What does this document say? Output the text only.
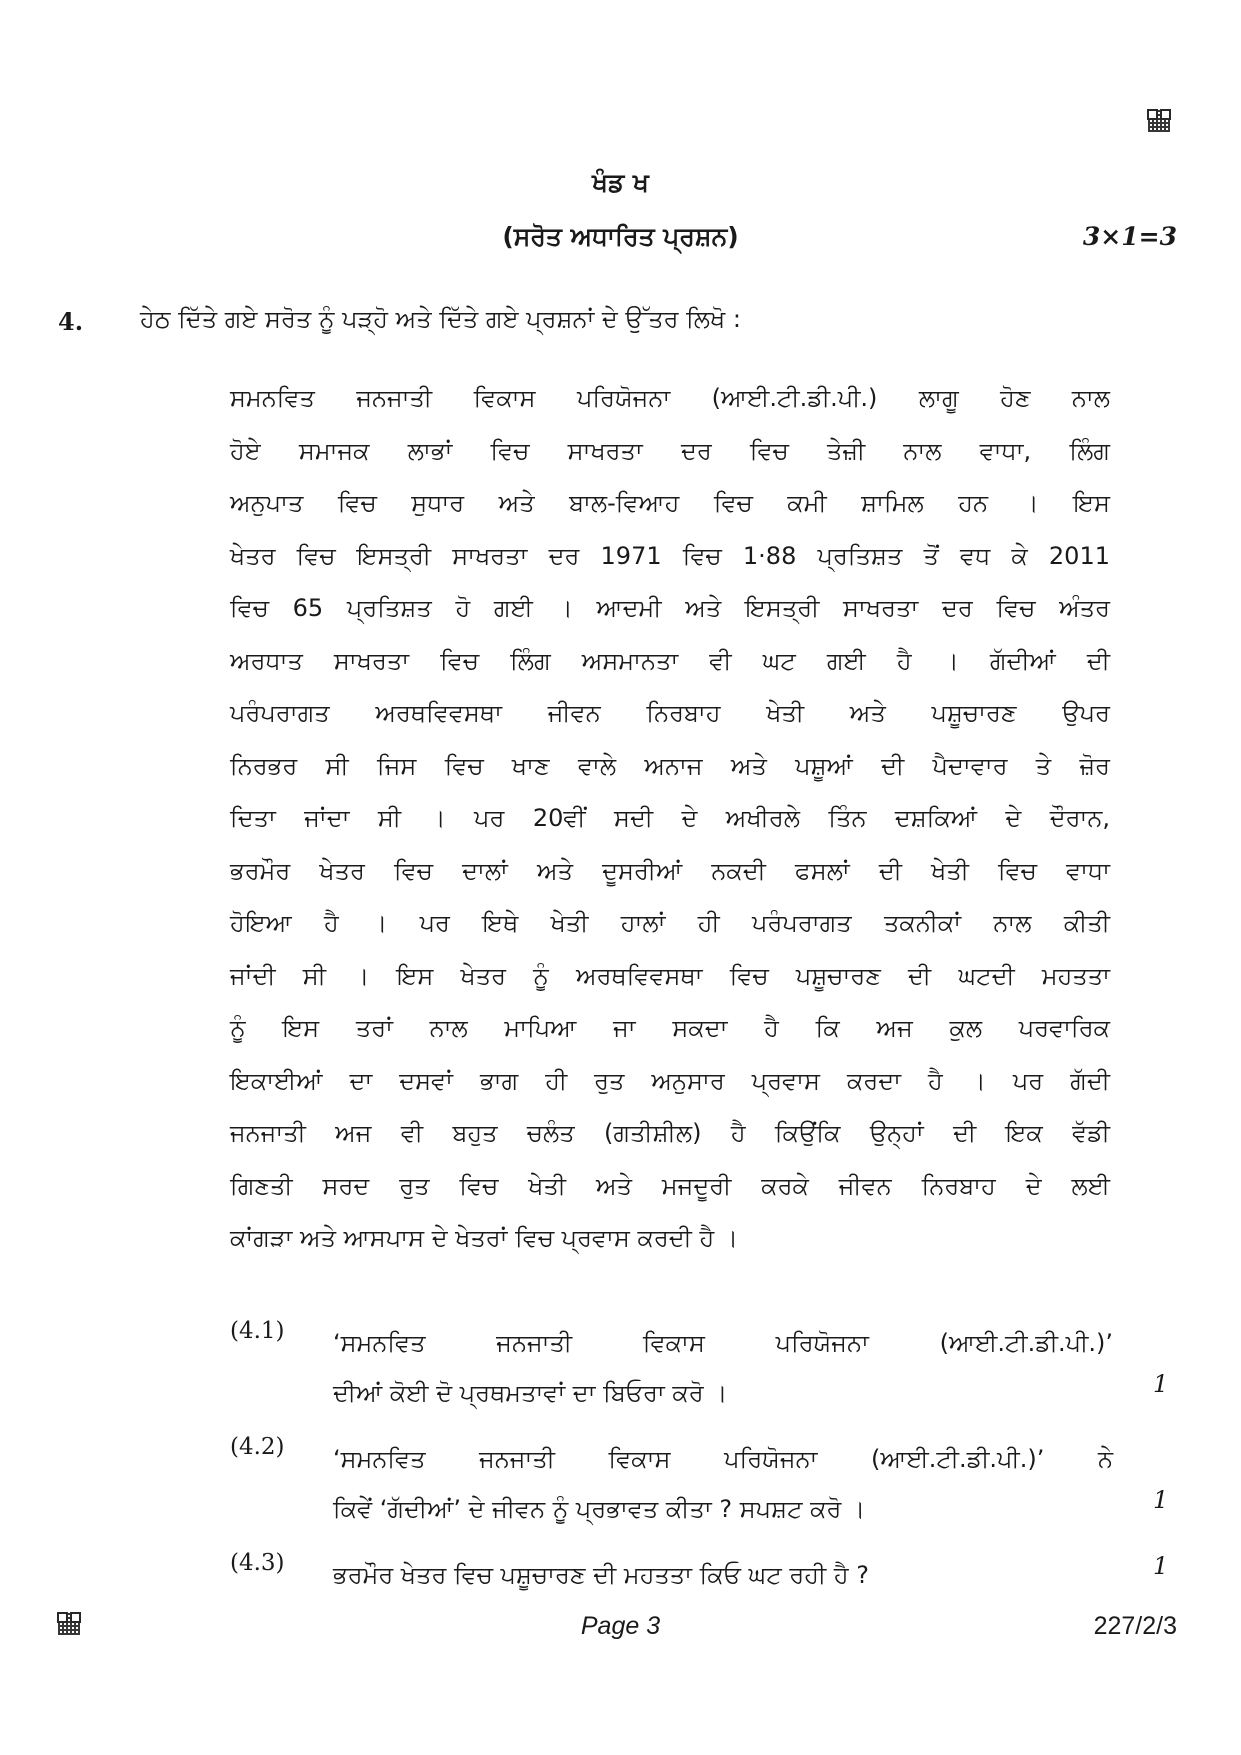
ਖੰਡ ਖ
(ਸਰੋਤ ਅਧਾਰਿਤ ਪ੍ਰਸ਼ਨ)	3×1=3
4. ਹੇਠ ਦਿੱਤੇ ਗਏ ਸਰੋਤ ਨੂੰ ਪੜ੍ਹੋ ਅਤੇ ਦਿੱਤੇ ਗਏ ਪ੍ਰਸ਼ਨਾਂ ਦੇ ਉੱਤਰ ਲਿਖੋ :
ਸਮਨਵਿਤ ਜਨਜਾਤੀ ਵਿਕਾਸ ਪਰਿਯੋਜਨਾ (ਆਈ.ਟੀ.ਡੀ.ਪੀ.) ਲਾਗੂ ਹੋਣ ਨਾਲ
ਹੋਏ ਸਮਾਜਕ ਲਾਭਾਂ ਵਿਚ ਸਾਖਰਤਾ ਦਰ ਵਿਚ ਤੇਜ਼ੀ ਨਾਲ ਵਾਧਾ, ਲਿੰਗ
ਅਨੁਪਾਤ ਵਿਚ ਸੁਧਾਰ ਅਤੇ ਬਾਲ-ਵਿਆਹ ਵਿਚ ਕਮੀ ਸ਼ਾਮਿਲ ਹਨ । ਇਸ
ਖੇਤਰ ਵਿਚ ਇਸਤ੍ਰੀ ਸਾਖਰਤਾ ਦਰ 1971 ਵਿਚ 1·88 ਪ੍ਰਤਿਸ਼ਤ ਤੋਂ ਵਧ ਕੇ 2011
ਵਿਚ 65 ਪ੍ਰਤਿਸ਼ਤ ਹੋ ਗਈ । ਆਦਮੀ ਅਤੇ ਇਸਤ੍ਰੀ ਸਾਖਰਤਾ ਦਰ ਵਿਚ ਅੰਤਰ
ਅਰਧਾਤ ਸਾਖਰਤਾ ਵਿਚ ਲਿੰਗ ਅਸਮਾਨਤਾ ਵੀ ਘਟ ਗਈ ਹੈ । ਗੱਦੀਆਂ ਦੀ
ਪਰੰਪਰਾਗਤ ਅਰਥਵਿਵਸਥਾ ਜੀਵਨ ਨਿਰਬਾਹ ਖੇਤੀ ਅਤੇ ਪਸ਼ੂਚਾਰਣ ਉਪਰ
ਨਿਰਭਰ ਸੀ ਜਿਸ ਵਿਚ ਖਾਣ ਵਾਲੇ ਅਨਾਜ ਅਤੇ ਪਸ਼ੂਆਂ ਦੀ ਪੈਦਾਵਾਰ ਤੇ ਜ਼ੋਰ
ਦਿਤਾ ਜਾਂਦਾ ਸੀ । ਪਰ 20ਵੀਂ ਸਦੀ ਦੇ ਅਖੀਰਲੇ ਤਿੰਨ ਦਸ਼ਕਿਆਂ ਦੇ ਦੌਰਾਨ,
ਭਰਮੌਰ ਖੇਤਰ ਵਿਚ ਦਾਲਾਂ ਅਤੇ ਦੂਸਰੀਆਂ ਨਕਦੀ ਫਸਲਾਂ ਦੀ ਖੇਤੀ ਵਿਚ ਵਾਧਾ
ਹੋਇਆ ਹੈ । ਪਰ ਇਥੇ ਖੇਤੀ ਹਾਲਾਂ ਹੀ ਪਰੰਪਰਾਗਤ ਤਕਨੀਕਾਂ ਨਾਲ ਕੀਤੀ
ਜਾਂਦੀ ਸੀ । ਇਸ ਖੇਤਰ ਨੂੰ ਅਰਥਵਿਵਸਥਾ ਵਿਚ ਪਸ਼ੂਚਾਰਣ ਦੀ ਘਟਦੀ ਮਹਤਤਾ
ਨੂੰ ਇਸ ਤਰਾਂ ਨਾਲ ਮਾਪਿਆ ਜਾ ਸਕਦਾ ਹੈ ਕਿ ਅਜ ਕੁਲ ਪਰਵਾਰਿਕ
ਇਕਾਈਆਂ ਦਾ ਦਸਵਾਂ ਭਾਗ ਹੀ ਰੁਤ ਅਨੁਸਾਰ ਪ੍ਰਵਾਸ ਕਰਦਾ ਹੈ । ਪਰ ਗੱਦੀ
ਜਨਜਾਤੀ ਅਜ ਵੀ ਬਹੁਤ ਚਲੰਤ (ਗਤੀਸ਼ੀਲ) ਹੈ ਕਿਉਂਕਿ ਉਨ੍ਹਾਂ ਦੀ ਇਕ ਵੱਡੀ
ਗਿਣਤੀ ਸਰਦ ਰੁਤ ਵਿਚ ਖੇਤੀ ਅਤੇ ਮਜਦੂਰੀ ਕਰਕੇ ਜੀਵਨ ਨਿਰਬਾਹ ਦੇ ਲਈ
ਕਾਂਗੜਾ ਅਤੇ ਆਸਪਾਸ ਦੇ ਖੇਤਰਾਂ ਵਿਚ ਪ੍ਰਵਾਸ ਕਰਦੀ ਹੈ ।
(4.1) ‘ਸਮਨਵਿਤ ਜਨਜਾਤੀ ਵਿਕਾਸ ਪਰਿਯੋਜਨਾ (ਆਈ.ਟੀ.ਡੀ.ਪੀ.)’
ਦੀਆਂ ਕੋਈ ਦੋ ਪ੍ਰਥਮਤਾਵਾਂ ਦਾ ਬਿਓਰਾ ਕਰੋ ।	1
(4.2) ‘ਸਮਨਵਿਤ ਜਨਜਾਤੀ ਵਿਕਾਸ ਪਰਿਯੋਜਨਾ (ਆਈ.ਟੀ.ਡੀ.ਪੀ.)’ ਨੇ
ਕਿਵੇਂ ‘ਗੱਦੀਆਂ’ ਦੇ ਜੀਵਨ ਨੂੰ ਪ੍ਰਭਾਵਤ ਕੀਤਾ ? ਸਪਸ਼ਟ ਕਰੋ ।	1
(4.3) ਭਰਮੌਰ ਖੇਤਰ ਵਿਚ ਪਸ਼ੂਚਾਰਣ ਦੀ ਮਹਤਤਾ ਕਿਓ ਘਟ ਰਹੀ ਹੈ ?	1
Page 3	227/2/3
